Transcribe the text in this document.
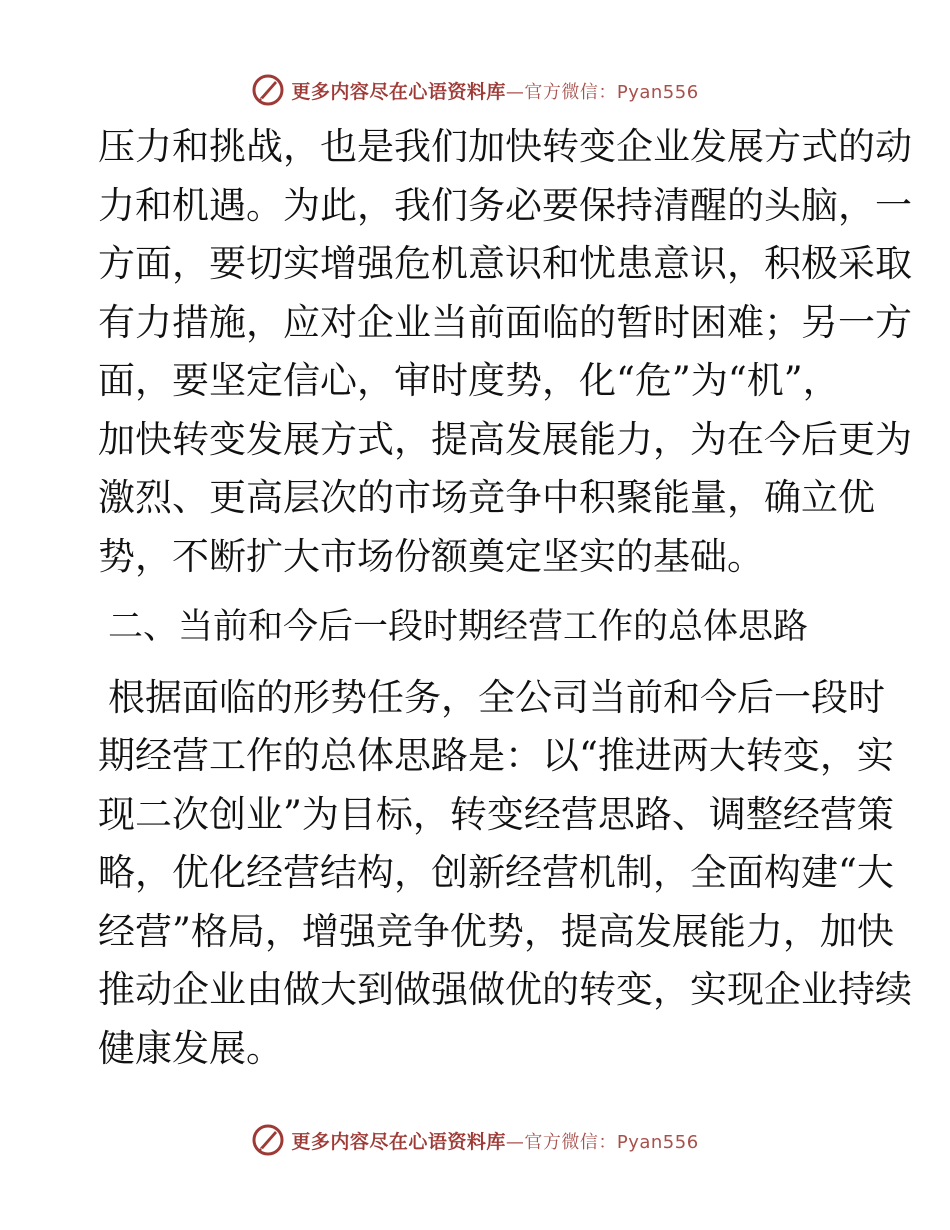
更多内容尽在心语资料库—官方微信：Pyan556
压力和挑战，也是我们加快转变企业发展方式的动
力和机遇。为此，我们务必要保持清醒的头脑，一
方面，要切实增强危机意识和忧患意识，积极采取
有力措施，应对企业当前面临的暂时困难；另一方
面，要坚定信心，审时度势，化“危”为“机”，
加快转变发展方式，提高发展能力，为在今后更为
激烈、更高层次的市场竞争中积聚能量，确立优
势，不断扩大市场份额奠定坚实的基础。
二、当前和今后一段时期经营工作的总体思路
根据面临的形势任务，全公司当前和今后一段时
期经营工作的总体思路是：以“推进两大转变，实
现二次创业”为目标，转变经营思路、调整经营策
略，优化经营结构，创新经营机制，全面构建“大
经营”格局，增强竞争优势，提高发展能力，加快
推动企业由做大到做强做优的转变，实现企业持续
健康发展。
更多内容尽在心语资料库—官方微信：Pyan556
